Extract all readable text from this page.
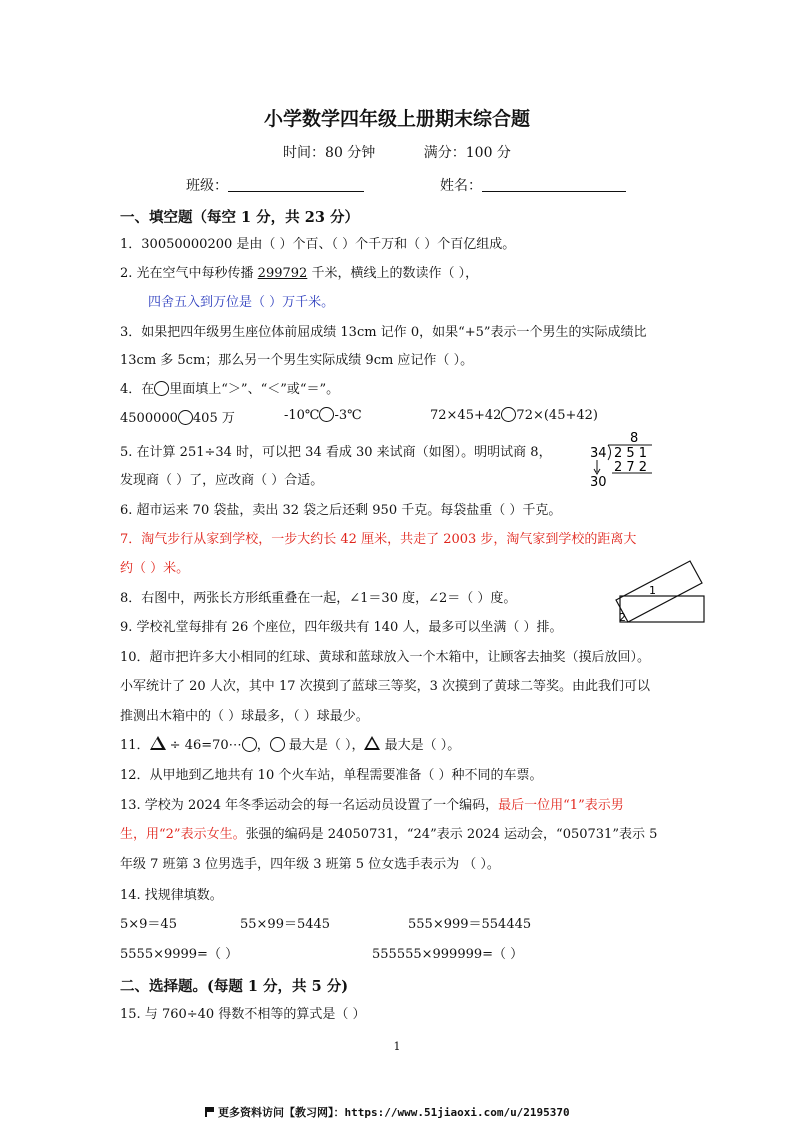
小学数学四年级上册期末综合题
时间：80 分钟	满分：100 分
班级：	姓名：
一、填空题（每空 1 分，共 23 分）
1．30050000200 是由（ ）个百、（ ）个千万和（ ）个百亿组成。
2. 光在空气中每秒传播 299792 千米，横线上的数读作（ ），
四舍五入到万位是（ ）万千米。
3．如果把四年级男生座位体前屈成绩 13cm 记作 0，如果“+5”表示一个男生的实际成绩比
13cm 多 5cm；那么另一个男生实际成绩 9cm 应记作（ ）。
4．在 里面填上“＞”、“＜”或“＝”。
4500000 405 万	-10℃ -3℃	72×45+42 72×(45+42)
5. 在计算 251÷34 时，可以把 34 看成 30 来试商（如图）。明明试商 8，
发现商（ ）了，应改商（ ）合适。
8
34 2 5 1
2 7 2
30
6. 超市运来 70 袋盐，卖出 32 袋之后还剩 950 千克。每袋盐重（ ）千克。
7．淘气步行从家到学校，一步大约长 42 厘米，共走了 2003 步，淘气家到学校的距离大
约（ ）米。
8．右图中，两张长方形纸重叠在一起，∠1＝30 度，∠2＝（ ）度。
1
2
9. 学校礼堂每排有 26 个座位，四年级共有 140 人，最多可以坐满（ ）排。
10．超市把许多大小相同的红球、黄球和蓝球放入一个木箱中，让顾客去抽奖（摸后放回）。
小军统计了 20 人次，其中 17 次摸到了蓝球三等奖，3 次摸到了黄球二等奖。由此我们可以
推测出木箱中的（ ）球最多，（ ）球最少。
11． ÷ 46=70⋯ ， 最大是（ ）， 最大是（ ）。
12．从甲地到乙地共有 10 个火车站，单程需要准备（ ）种不同的车票。
13. 学校为 2024 年冬季运动会的每一名运动员设置了一个编码，最后一位用“1”表示男
生，用“2”表示女生。张强的编码是 24050731，“24”表示 2024 运动会，“050731”表示 5
年级 7 班第 3 位男选手，四年级 3 班第 5 位女选手表示为 （ ）。
14. 找规律填数。
5×9＝45	55×99＝5445	555×999＝554445
5555×9999=（ ）	555555×999999=（ ）
二、选择题。(每题 1 分，共 5 分)
15. 与 760÷40 得数不相等的算式是（ ）
1
更多资料访问【教习网】：https://www.51jiaoxi.com/u/2195370
